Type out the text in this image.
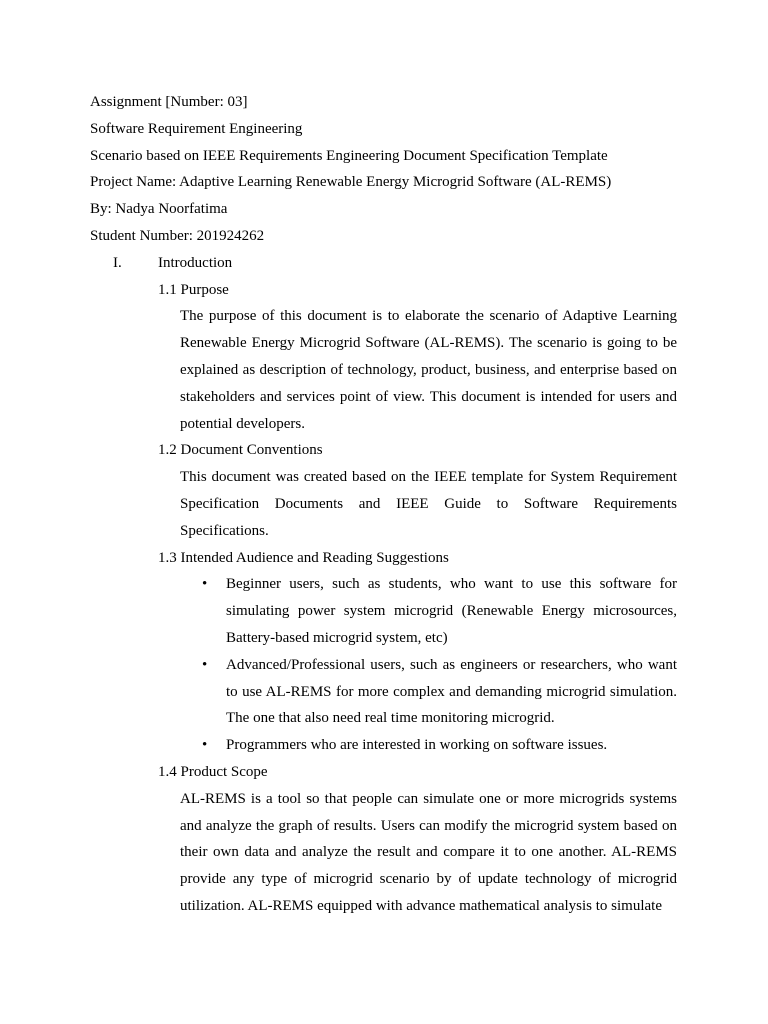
Assignment [Number: 03]

Software Requirement Engineering

Scenario based on IEEE Requirements Engineering Document Specification Template

Project Name: Adaptive Learning Renewable Energy Microgrid Software (AL-REMS)

By: Nadya Noorfatima

Student Number: 201924262

I.	Introduction

1.1 Purpose

The purpose of this document is to elaborate the scenario of Adaptive Learning Renewable Energy Microgrid Software (AL-REMS). The scenario is going to be explained as description of technology, product, business, and enterprise based on stakeholders and services point of view. This document is intended for users and potential developers.

1.2 Document Conventions

This document was created based on the IEEE template for System Requirement Specification Documents and IEEE Guide to Software Requirements Specifications.

1.3 Intended Audience and Reading Suggestions

• Beginner users, such as students, who want to use this software for simulating power system microgrid (Renewable Energy microsources, Battery-based microgrid system, etc)
• Advanced/Professional users, such as engineers or researchers, who want to use AL-REMS for more complex and demanding microgrid simulation. The one that also need real time monitoring microgrid.
• Programmers who are interested in working on software issues.

1.4 Product Scope

AL-REMS is a tool so that people can simulate one or more microgrids systems and analyze the graph of results. Users can modify the microgrid system based on their own data and analyze the result and compare it to one another. AL-REMS provide any type of microgrid scenario by of update technology of microgrid utilization. AL-REMS equipped with advance mathematical analysis to simulate
